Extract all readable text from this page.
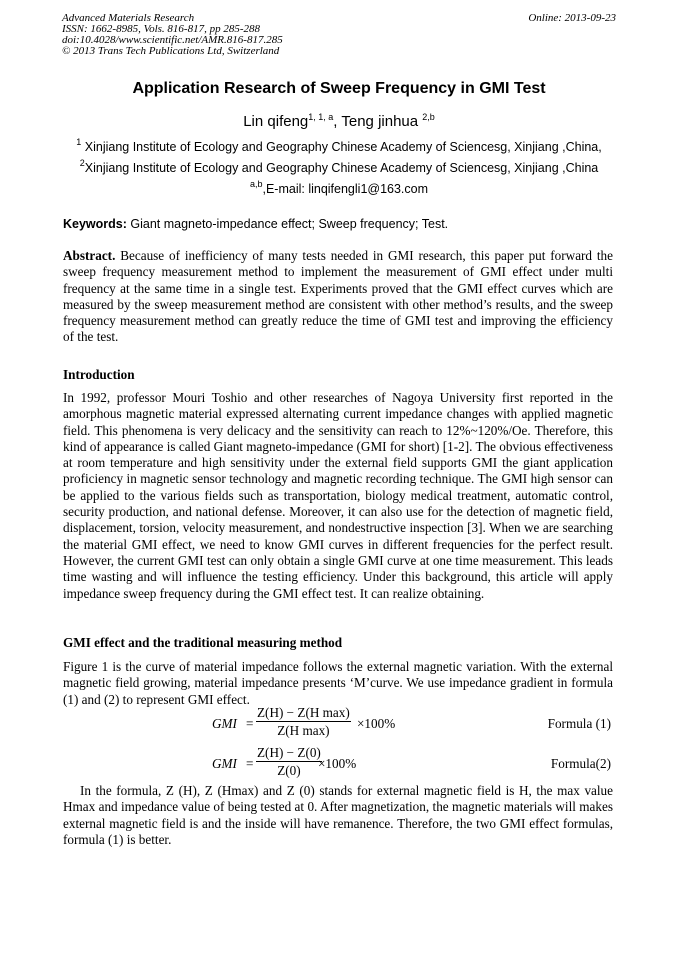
Advanced Materials Research
ISSN: 1662-8985, Vols. 816-817, pp 285-288
doi:10.4028/www.scientific.net/AMR.816-817.285
© 2013 Trans Tech Publications Ltd, Switzerland
Online: 2013-09-23
Application Research of Sweep Frequency in GMI Test
Lin qifeng$^{1, 1, a}$, Teng jinhua $^{2,b}$
$^1$ Xinjiang Institute of Ecology and Geography Chinese Academy of Sciencesg, Xinjiang ,China,
$^2$Xinjiang Institute of Ecology and Geography Chinese Academy of Sciencesg, Xinjiang ,China
$^{a,b}$,E-mail: linqifengli1@163.com
Keywords: Giant magneto-impedance effect; Sweep frequency; Test.
Abstract. Because of inefficiency of many tests needed in GMI research, this paper put forward the sweep frequency measurement method to implement the measurement of GMI effect under multi frequency at the same time in a single test. Experiments proved that the GMI effect curves which are measured by the sweep measurement method are consistent with other method’s results, and the sweep frequency measurement method can greatly reduce the time of GMI test and improving the efficiency of the test.
Introduction
In 1992, professor Mouri Toshio and other researches of Nagoya University first reported in the amorphous magnetic material expressed alternating current impedance changes with applied magnetic field. This phenomena is very delicacy and the sensitivity can reach to 12%~120%/Oe. Therefore, this kind of appearance is called Giant magneto-impedance (GMI for short) [1-2]. The obvious effectiveness at room temperature and high sensitivity under the external field supports GMI the giant application proficiency in magnetic sensor technology and magnetic recording technique. The GMI high sensor can be applied to the various fields such as transportation, biology medical treatment, automatic control, security production, and national defense. Moreover, it can also use for the detection of magnetic field, displacement, torsion, velocity measurement, and nondestructive inspection [3]. When we are searching the material GMI effect, we need to know GMI curves in different frequencies for the perfect result. However, the current GMI test can only obtain a single GMI curve at one time measurement. This leads time wasting and will influence the testing efficiency. Under this background, this article will apply impedance sweep frequency during the GMI effect test. It can realize obtaining.
GMI effect and the traditional measuring method
Figure 1 is the curve of material impedance follows the external magnetic variation. With the external magnetic field growing, material impedance presents ‘M’curve. We use impedance gradient in formula (1) and (2) to represent GMI effect.
GMI =
Z(H) − Z(H max)
Z(H max)	×100%	Formula (1)
GMI = $\frac{Z(H) - Z(0)}{Z(0)}$
×100%	Formula(2)
In the formula, Z (H), Z (Hmax) and Z (0) stands for external magnetic field is H, the max value Hmax and impedance value of being tested at 0. After magnetization, the magnetic materials will makes external magnetic field is and the inside will have remanence. Therefore, the two GMI effect formulas, formula (1) is better.
